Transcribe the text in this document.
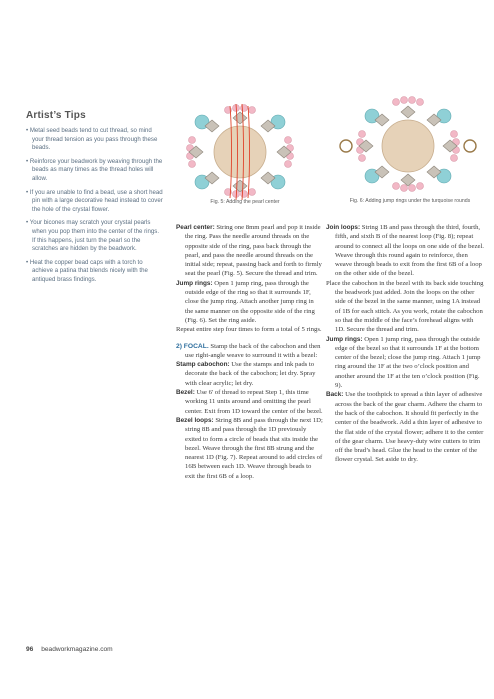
Artist’s Tips

• Metal seed beads tend to cut thread, so mind your thread tension as you pass through these beads.

• Reinforce your beadwork by weaving through the beads as many times as the thread holes will allow.

• If you are unable to find a bead, use a short head pin with a large decorative head instead to cover the hole of the crystal flower.

• Your bicones may scratch your crystal pearls when you pop them into the center of the rings. If this happens, just turn the pearl so the scratches are hidden by the beadwork.

• Heat the copper bead caps with a torch to achieve a patina that blends nicely with the antiqued brass findings.

Fig. 5: Adding the pearl center	Fig. 6: Adding jump rings under the turquoise rounds

Pearl center: String one 8mm pearl and pop it inside the ring. Pass the needle around threads on the opposite side of the ring, pass back through the pearl, and pass the needle around threads on the initial side; repeat, passing back and forth to firmly seat the pearl (Fig. 5). Secure the thread and trim.

Jump rings: Open 1 jump ring, pass through the outside edge of the ring so that it surrounds 1F, close the jump ring. Attach another jump ring in the same manner on the opposite side of the ring (Fig. 6). Set the ring aside.

Repeat entire step four times to form a total of 5 rings.

2) FOCAL. Stamp the back of the cabochon and then use right-angle weave to surround it with a bezel:

Stamp cabochon: Use the stamps and ink pads to decorate the back of the cabochon; let dry. Spray with clear acrylic; let dry.

Bezel: Use 6' of thread to repeat Step 1, this time working 11 units around and omitting the pearl center. Exit from 1D toward the center of the bezel.

Bezel loops: String 8B and pass through the next 1D; string 8B and pass through the 1D previously exited to form a circle of beads that sits inside the bezel. Weave through the first 8B strung and the nearest 1D (Fig. 7). Repeat around to add circles of 16B between each 1D. Weave through beads to exit the first 6B of a loop.

Join loops: String 1B and pass through the third, fourth, fifth, and sixth B of the nearest loop (Fig. 8); repeat around to connect all the loops on one side of the bezel. Weave through this round again to reinforce, then weave through beads to exit from the first 6B of a loop on the other side of the bezel.

Place the cabochon in the bezel with its back side touching the beadwork just added. Join the loops on the other side of the bezel in the same manner, using 1A instead of 1B for each stitch. As you work, rotate the cabochon so that the middle of the face’s forehead aligns with 1D. Secure the thread and trim.

Jump rings: Open 1 jump ring, pass through the outside edge of the bezel so that it surrounds 1F at the bottom center of the bezel; close the jump ring. Attach 1 jump ring around the 1F at the two o’clock position and another around the 1F at the ten o’clock position (Fig. 9).

Back: Use the toothpick to spread a thin layer of adhesive across the back of the gear charm. Adhere the charm to the back of the cabochon. It should fit perfectly in the center of the beadwork. Add a thin layer of adhesive to the flat side of the crystal flower; adhere it to the center of the gear charm. Use heavy-duty wire cutters to trim off the brad’s head. Glue the head to the center of the flower crystal. Set aside to dry.

96 beadworkmagazine.com
